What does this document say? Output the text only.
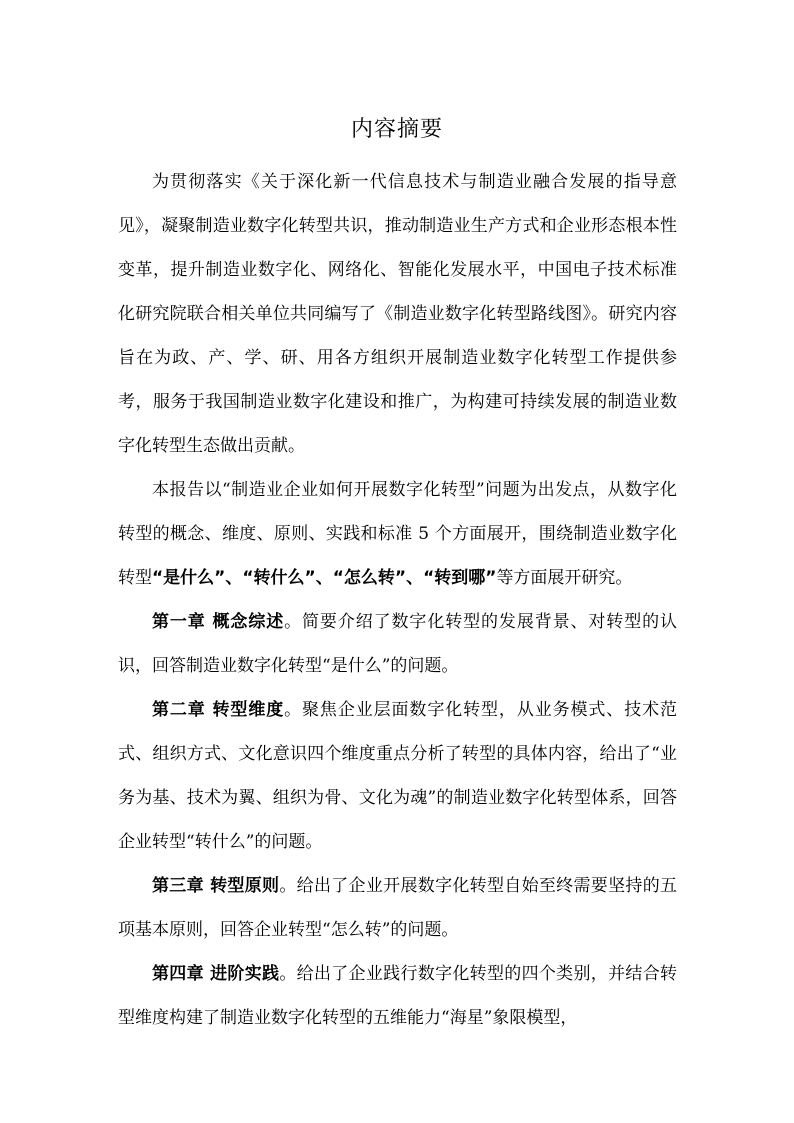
内容摘要

为贯彻落实《关于深化新一代信息技术与制造业融合发展的指导意见》，凝聚制造业数字化转型共识，推动制造业生产方式和企业形态根本性变革，提升制造业数字化、网络化、智能化发展水平，中国电子技术标准化研究院联合相关单位共同编写了《制造业数字化转型路线图》。研究内容旨在为政、产、学、研、用各方组织开展制造业数字化转型工作提供参考，服务于我国制造业数字化建设和推广，为构建可持续发展的制造业数字化转型生态做出贡献。

本报告以“制造业企业如何开展数字化转型”问题为出发点，从数字化转型的概念、维度、原则、实践和标准 5 个方面展开，围绕制造业数字化转型“是什么”、“转什么”、“怎么转”、“转到哪”等方面展开研究。

第一章 概念综述。简要介绍了数字化转型的发展背景、对转型的认识，回答制造业数字化转型“是什么”的问题。

第二章 转型维度。聚焦企业层面数字化转型，从业务模式、技术范式、组织方式、文化意识四个维度重点分析了转型的具体内容，给出了“业务为基、技术为翼、组织为骨、文化为魂”的制造业数字化转型体系，回答企业转型“转什么”的问题。

第三章 转型原则。给出了企业开展数字化转型自始至终需要坚持的五项基本原则，回答企业转型“怎么转”的问题。

第四章 进阶实践。给出了企业践行数字化转型的四个类别，并结合转型维度构建了制造业数字化转型的五维能力“海星”象限模型，
